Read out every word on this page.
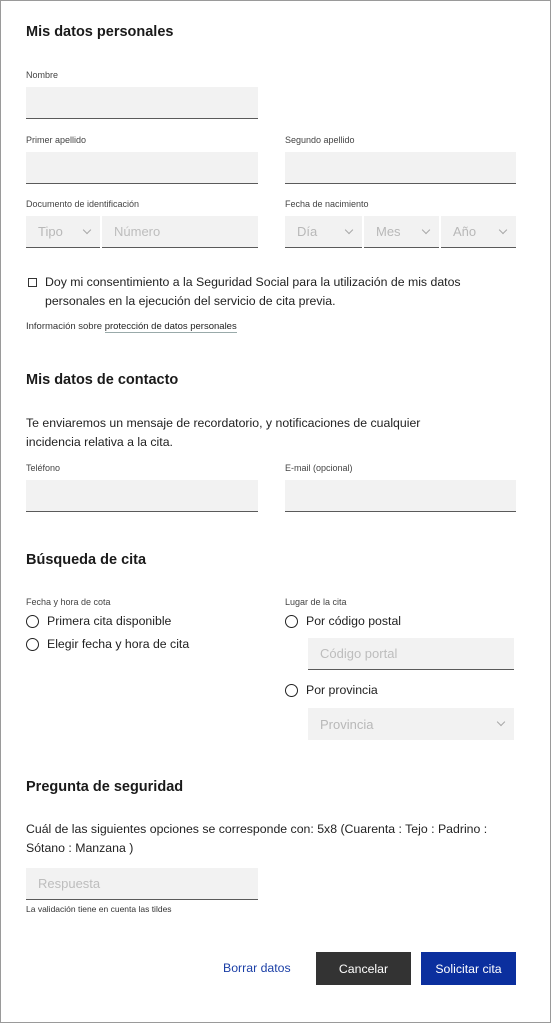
Mis datos personales
Nombre
Primer apellido	Segundo apellido
Documento de identificación
Tipo
Número
Fecha de nacimiento
Día	Mes	Año
Doy mi consentimiento a la Seguridad Social para la utilización de mis datos
personales en la ejecución del servicio de cita previa.
Información sobre protección de datos personales
Mis datos de contacto
Te enviaremos un mensaje de recordatorio, y notificaciones de cualquier
incidencia relativa a la cita.
Teléfono	E-mail (opcional)
Búsqueda de cita
Fecha y hora de cota
Primera cita disponible
Elegir fecha y hora de cita
Lugar de la cita
Por código postal
Código portal
Por provincia
Provincia
Pregunta de seguridad
Cuál de las siguientes opciones se corresponde con: 5x8 (Cuarenta : Tejo : Padrino :
Sótano : Manzana )
Respuesta
La validación tiene en cuenta las tildes
Borrar datos	Cancelar	Solicitar cita
